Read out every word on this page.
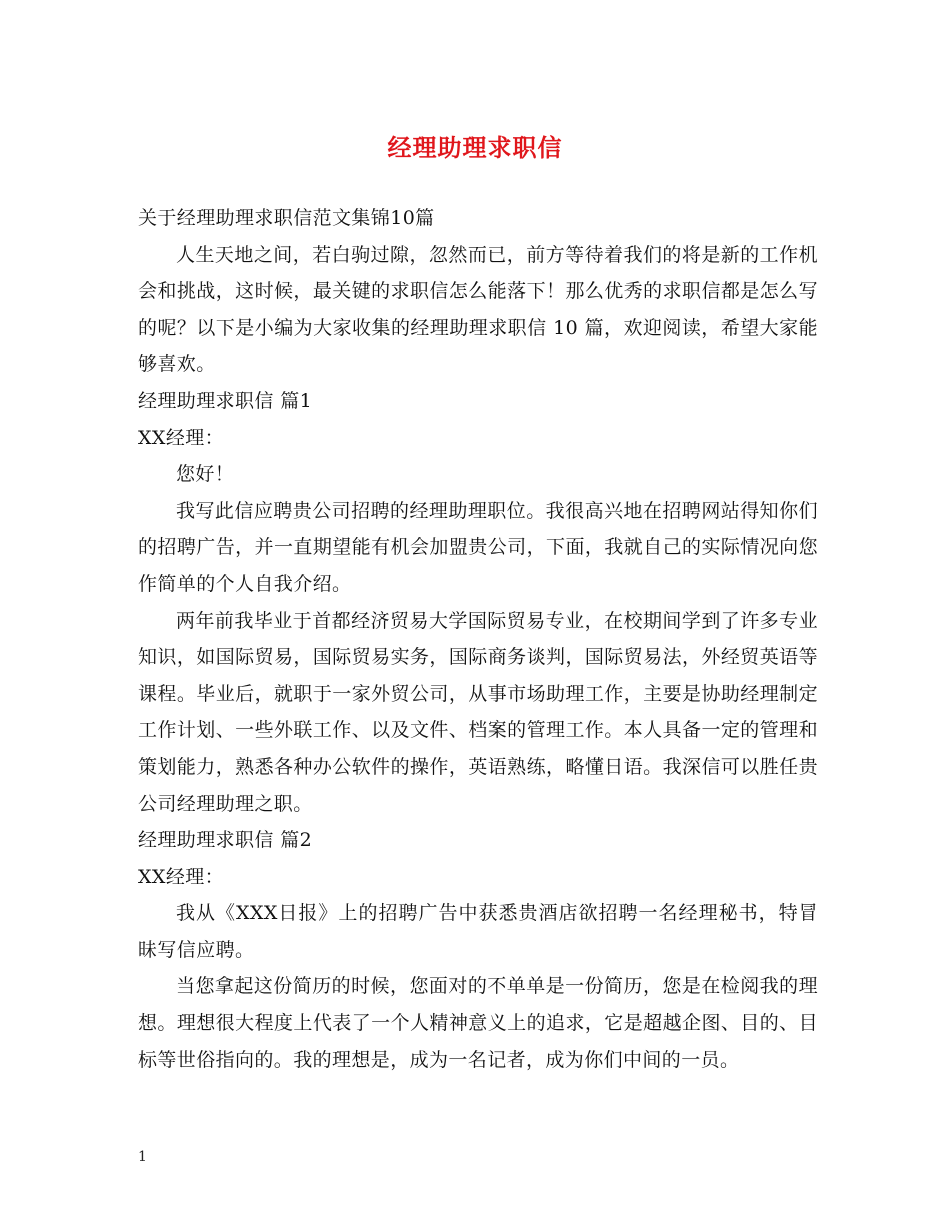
经理助理求职信

关于经理助理求职信范文集锦10篇

人生天地之间，若白驹过隙，忽然而已，前方等待着我们的将是新的工作机会和挑战，这时候，最关键的求职信怎么能落下！那么优秀的求职信都是怎么写的呢？以下是小编为大家收集的经理助理求职信 10 篇，欢迎阅读，希望大家能够喜欢。

经理助理求职信 篇1

XX经理：

您好！

我写此信应聘贵公司招聘的经理助理职位。我很高兴地在招聘网站得知你们的招聘广告，并一直期望能有机会加盟贵公司，下面，我就自己的实际情况向您作简单的个人自我介绍。

两年前我毕业于首都经济贸易大学国际贸易专业，在校期间学到了许多专业知识，如国际贸易，国际贸易实务，国际商务谈判，国际贸易法，外经贸英语等课程。毕业后，就职于一家外贸公司，从事市场助理工作，主要是协助经理制定工作计划、一些外联工作、以及文件、档案的管理工作。本人具备一定的管理和策划能力，熟悉各种办公软件的操作，英语熟练，略懂日语。我深信可以胜任贵公司经理助理之职。

经理助理求职信 篇2

XX经理：

我从《XXX日报》上的招聘广告中获悉贵酒店欲招聘一名经理秘书，特冒昧写信应聘。

当您拿起这份简历的时候，您面对的不单单是一份简历，您是在检阅我的理想。理想很大程度上代表了一个人精神意义上的追求，它是超越企图、目的、目标等世俗指向的。我的理想是，成为一名记者，成为你们中间的一员。

1
